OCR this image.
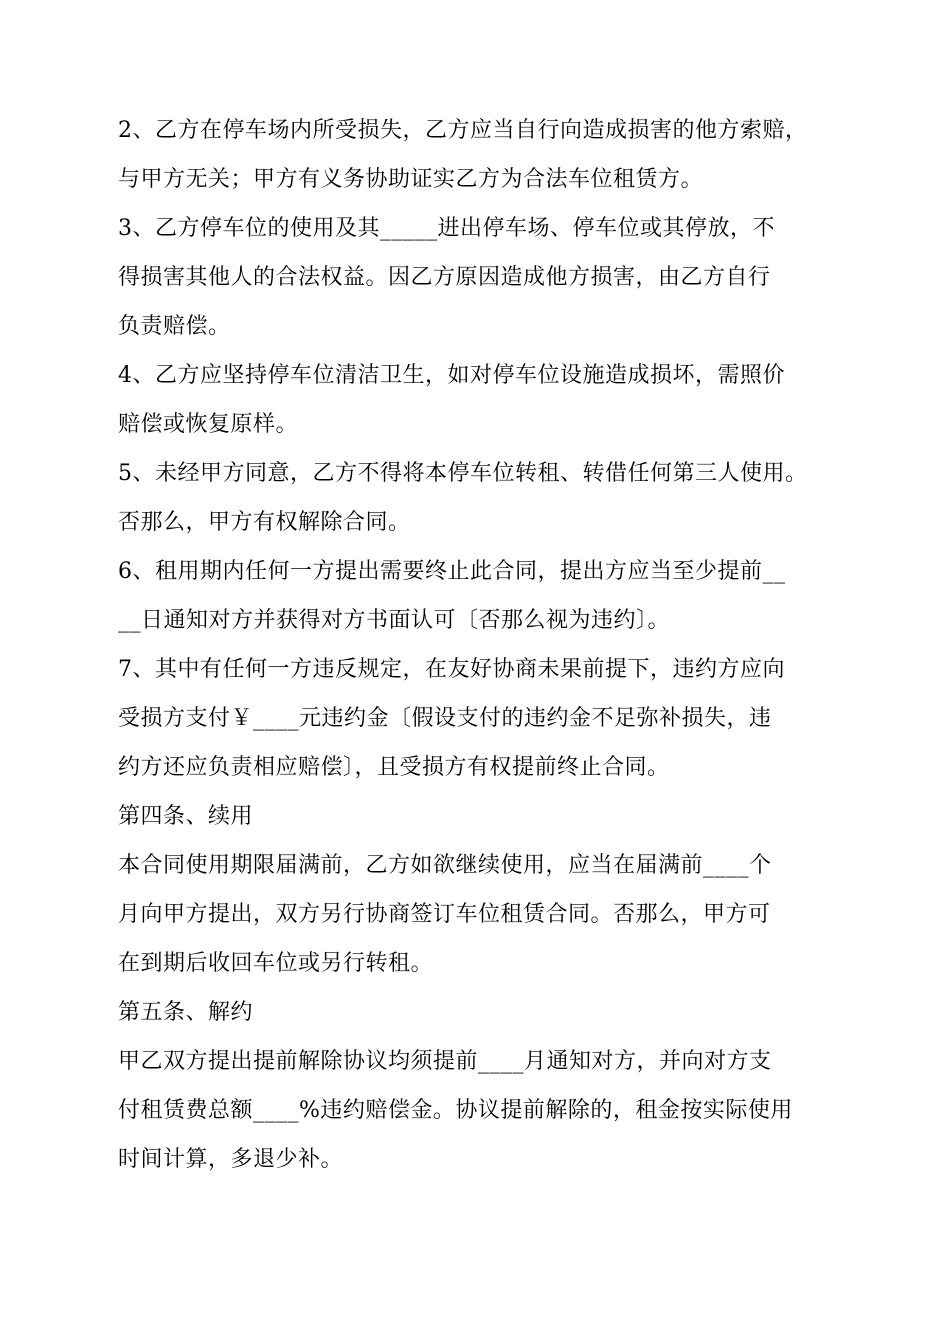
2、乙方在停车场内所受损失，乙方应当自行向造成损害的他方索赔，
与甲方无关；甲方有义务协助证实乙方为合法车位租赁方。
3、乙方停车位的使用及其_____进出停车场、停车位或其停放，不
得损害其他人的合法权益。因乙方原因造成他方损害，由乙方自行
负责赔偿。
4、乙方应坚持停车位清洁卫生，如对停车位设施造成损坏，需照价
赔偿或恢复原样。
5、未经甲方同意，乙方不得将本停车位转租、转借任何第三人使用。
否那么，甲方有权解除合同。
6、租用期内任何一方提出需要终止此合同，提出方应当至少提前__
__日通知对方并获得对方书面认可〔否那么视为违约〕。
7、其中有任何一方违反规定，在友好协商未果前提下，违约方应向
受损方支付￥____元违约金〔假设支付的违约金不足弥补损失，违
约方还应负责相应赔偿〕，且受损方有权提前终止合同。
第四条、续用
本合同使用期限届满前，乙方如欲继续使用，应当在届满前____个
月向甲方提出，双方另行协商签订车位租赁合同。否那么，甲方可
在到期后收回车位或另行转租。
第五条、解约
甲乙双方提出提前解除协议均须提前____月通知对方，并向对方支
付租赁费总额____%违约赔偿金。协议提前解除的，租金按实际使用
时间计算，多退少补。
